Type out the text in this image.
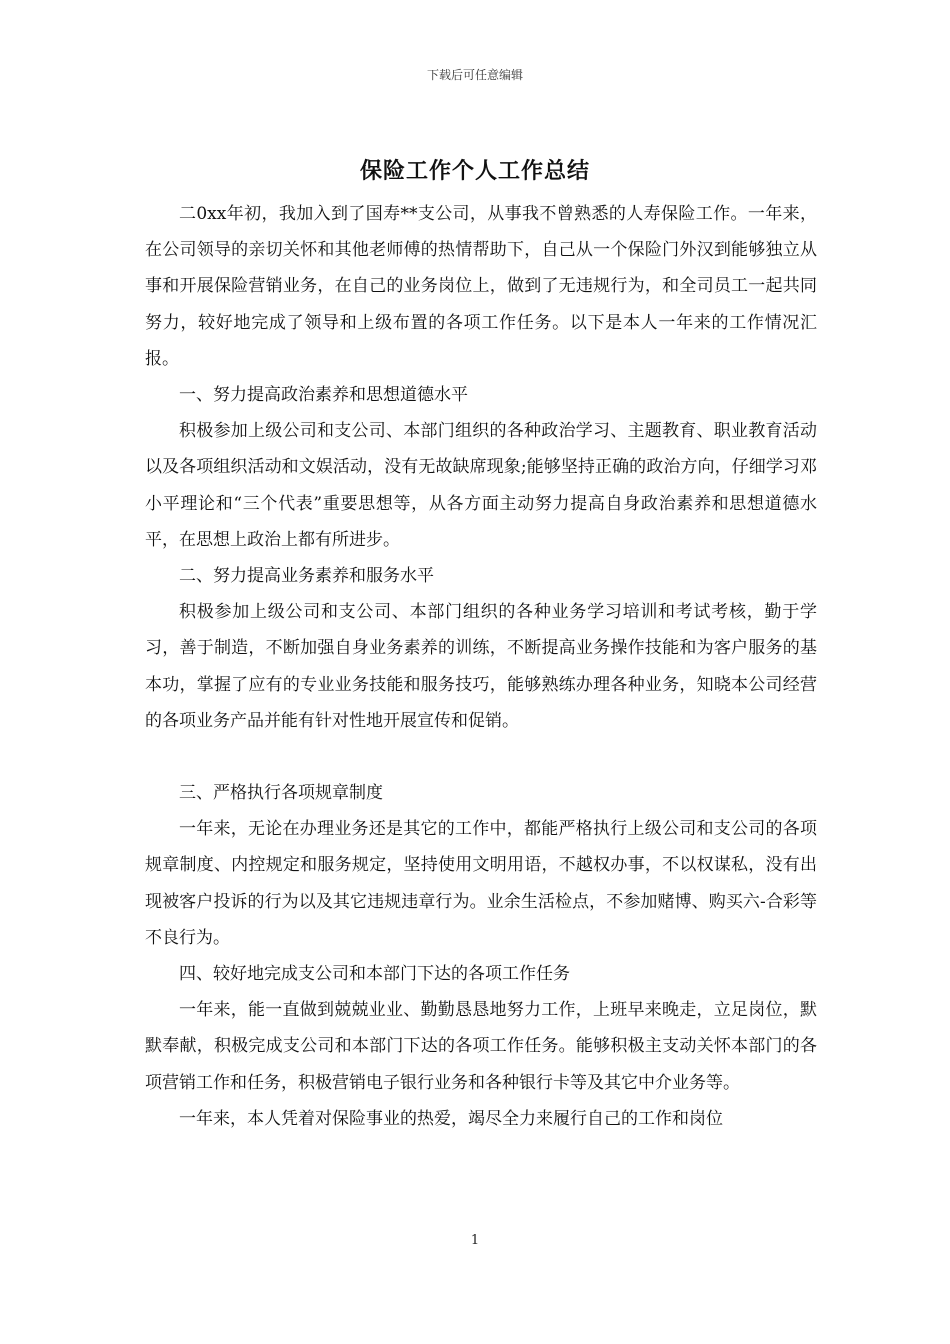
下载后可任意编辑
保险工作个人工作总结

二0xx年初，我加入到了国寿**支公司，从事我不曾熟悉的人寿保险工作。一年来，在公司领导的亲切关怀和其他老师傅的热情帮助下，自己从一个保险门外汉到能够独立从事和开展保险营销业务，在自己的业务岗位上，做到了无违规行为，和全司员工一起共同努力，较好地完成了领导和上级布置的各项工作任务。以下是本人一年来的工作情况汇报。

一、努力提高政治素养和思想道德水平

积极参加上级公司和支公司、本部门组织的各种政治学习、主题教育、职业教育活动以及各项组织活动和文娱活动，没有无故缺席现象;能够坚持正确的政治方向，仔细学习邓小平理论和“三个代表”重要思想等，从各方面主动努力提高自身政治素养和思想道德水平，在思想上政治上都有所进步。

二、努力提高业务素养和服务水平

积极参加上级公司和支公司、本部门组织的各种业务学习培训和考试考核，勤于学习，善于制造，不断加强自身业务素养的训练，不断提高业务操作技能和为客户服务的基本功，掌握了应有的专业业务技能和服务技巧，能够熟练办理各种业务，知晓本公司经营的各项业务产品并能有针对性地开展宣传和促销。

三、严格执行各项规章制度

一年来，无论在办理业务还是其它的工作中，都能严格执行上级公司和支公司的各项规章制度、内控规定和服务规定，坚持使用文明用语，不越权办事，不以权谋私，没有出现被客户投诉的行为以及其它违规违章行为。业余生活检点，不参加赌博、购买六-合彩等不良行为。

四、较好地完成支公司和本部门下达的各项工作任务

一年来，能一直做到兢兢业业、勤勤恳恳地努力工作，上班早来晚走，立足岗位，默默奉献，积极完成支公司和本部门下达的各项工作任务。能够积极主支动关怀本部门的各项营销工作和任务，积极营销电子银行业务和各种银行卡等及其它中介业务等。

一年来，本人凭着对保险事业的热爱，竭尽全力来履行自己的工作和岗位

1
